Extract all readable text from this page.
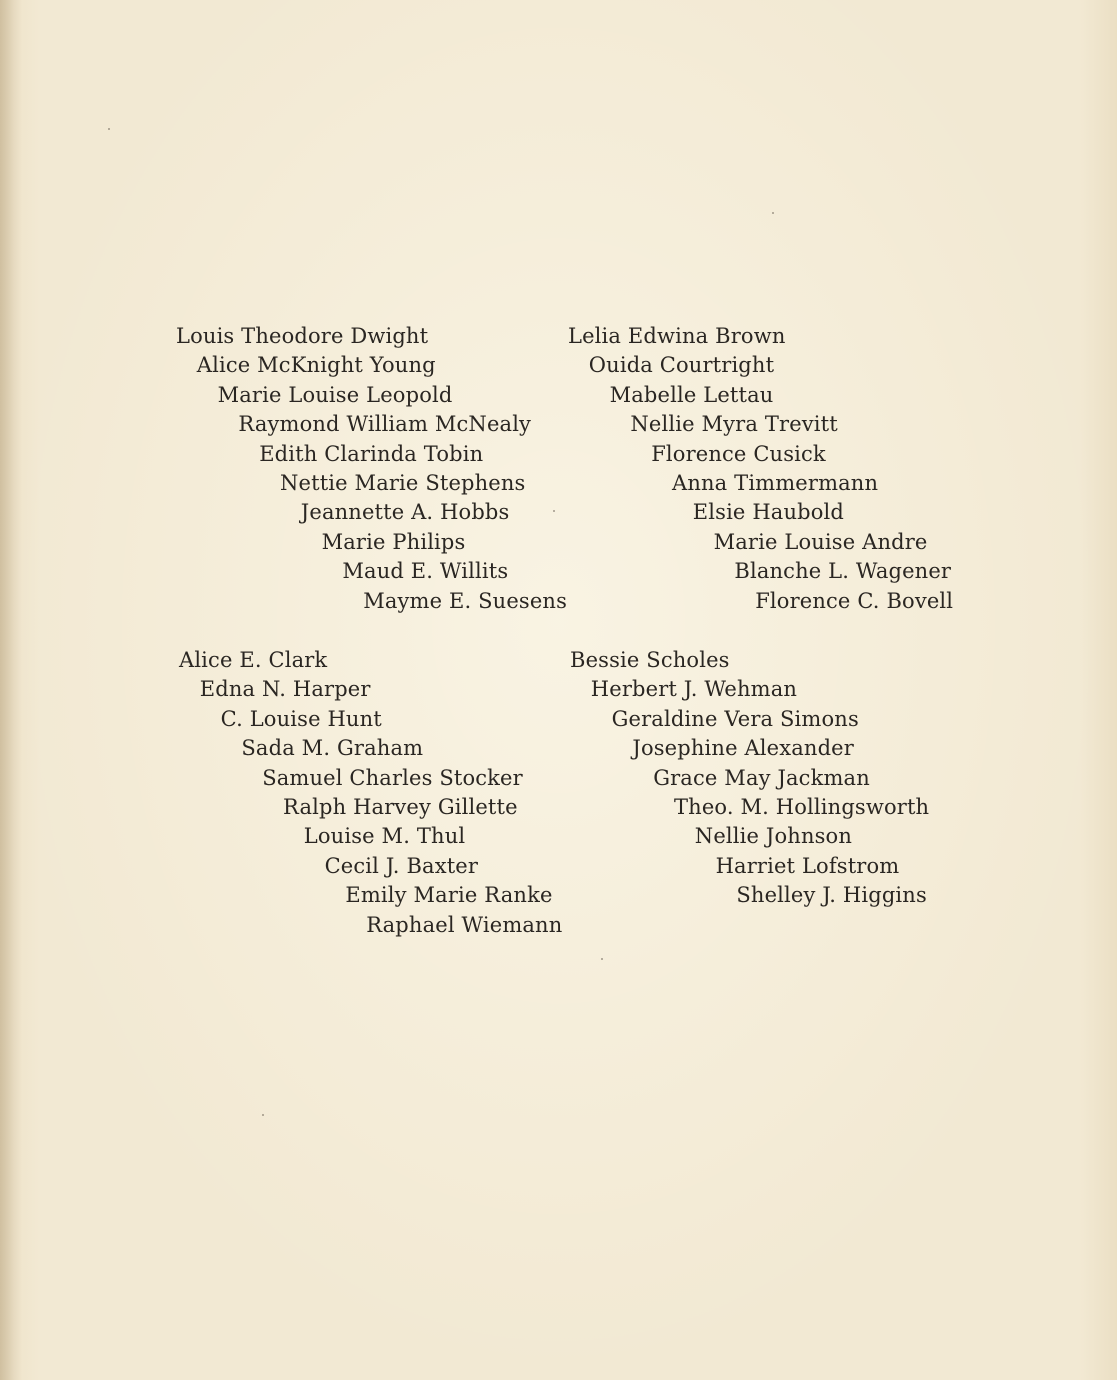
Louis Theodore Dwight
Alice McKnight Young
Marie Louise Leopold
Raymond William McNealy
Edith Clarinda Tobin
Nettie Marie Stephens
Jeannette A. Hobbs
Marie Philips
Maud E. Willits
Mayme E. Suesens
Lelia Edwina Brown
Ouida Courtright
Mabelle Lettau
Nellie Myra Trevitt
Florence Cusick
Anna Timmermann
Elsie Haubold
Marie Louise Andre
Blanche L. Wagener
Florence C. Bovell
Alice E. Clark
Edna N. Harper
C. Louise Hunt
Sada M. Graham
Samuel Charles Stocker
Ralph Harvey Gillette
Louise M. Thul
Cecil J. Baxter
Emily Marie Ranke
Raphael Wiemann
Bessie Scholes
Herbert J. Wehman
Geraldine Vera Simons
Josephine Alexander
Grace May Jackman
Theo. M. Hollingsworth
Nellie Johnson
Harriet Lofstrom
Shelley J. Higgins
